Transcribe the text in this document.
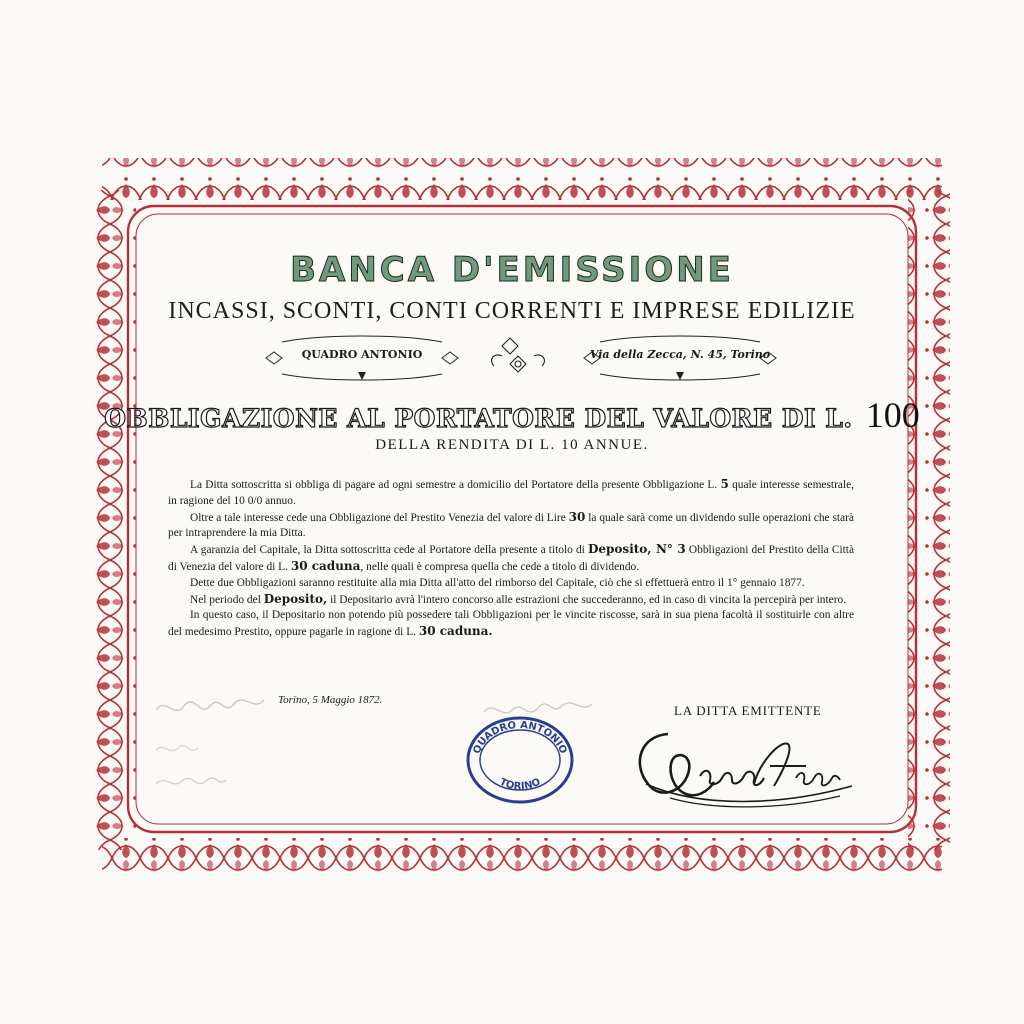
BANCA D'EMISSIONE
INCASSI, SCONTI, CONTI CORRENTI E IMPRESE EDILIZIE
QUADRO ANTONIO	Via della Zecca, N. 45, Torino
OBBLIGAZIONE AL PORTATORE DEL VALORE DI L. 100
DELLA RENDITA DI L. 10 ANNUE.

La Ditta sottoscritta si obbliga di pagare ad ogni semestre a domicilio del Portatore della presente Obbligazione L. 5 quale interesse semestrale, in ragione del 10 0/0 annuo.

Oltre a tale interesse cede una Obbligazione del Prestito Venezia del valore di Lire 30 la quale sarà come un dividendo sulle operazioni che starà per intraprendere la mia Ditta.

A garanzia del Capitale, la Ditta sottoscritta cede al Portatore della presente a titolo di Deposito, N° 3 Obbligazioni del Prestito della Città di Venezia del valore di L. 30 caduna, nelle quali è compresa quella che cede a titolo di dividendo.

Dette due Obbligazioni saranno restituite alla mia Ditta all'atto del rimborso del Capitale, ciò che si effettuerà entro il 1° gennaio 1877.

Nel periodo del Deposito, il Depositario avrà l'intero concorso alle estrazioni che succederanno, ed in caso di vincita la percepirà per intero.

In questo caso, il Depositario non potendo più possedere tali Obbligazioni per le vincite riscosse, sarà in sua piena facoltà il sostituirle con altre del medesimo Prestito, oppure pagarle in ragione di L. 30 caduna.

Torino, 5 Maggio 1872.
LA DITTA EMITTENTE
QUADRO ANTONIO
TORINO
